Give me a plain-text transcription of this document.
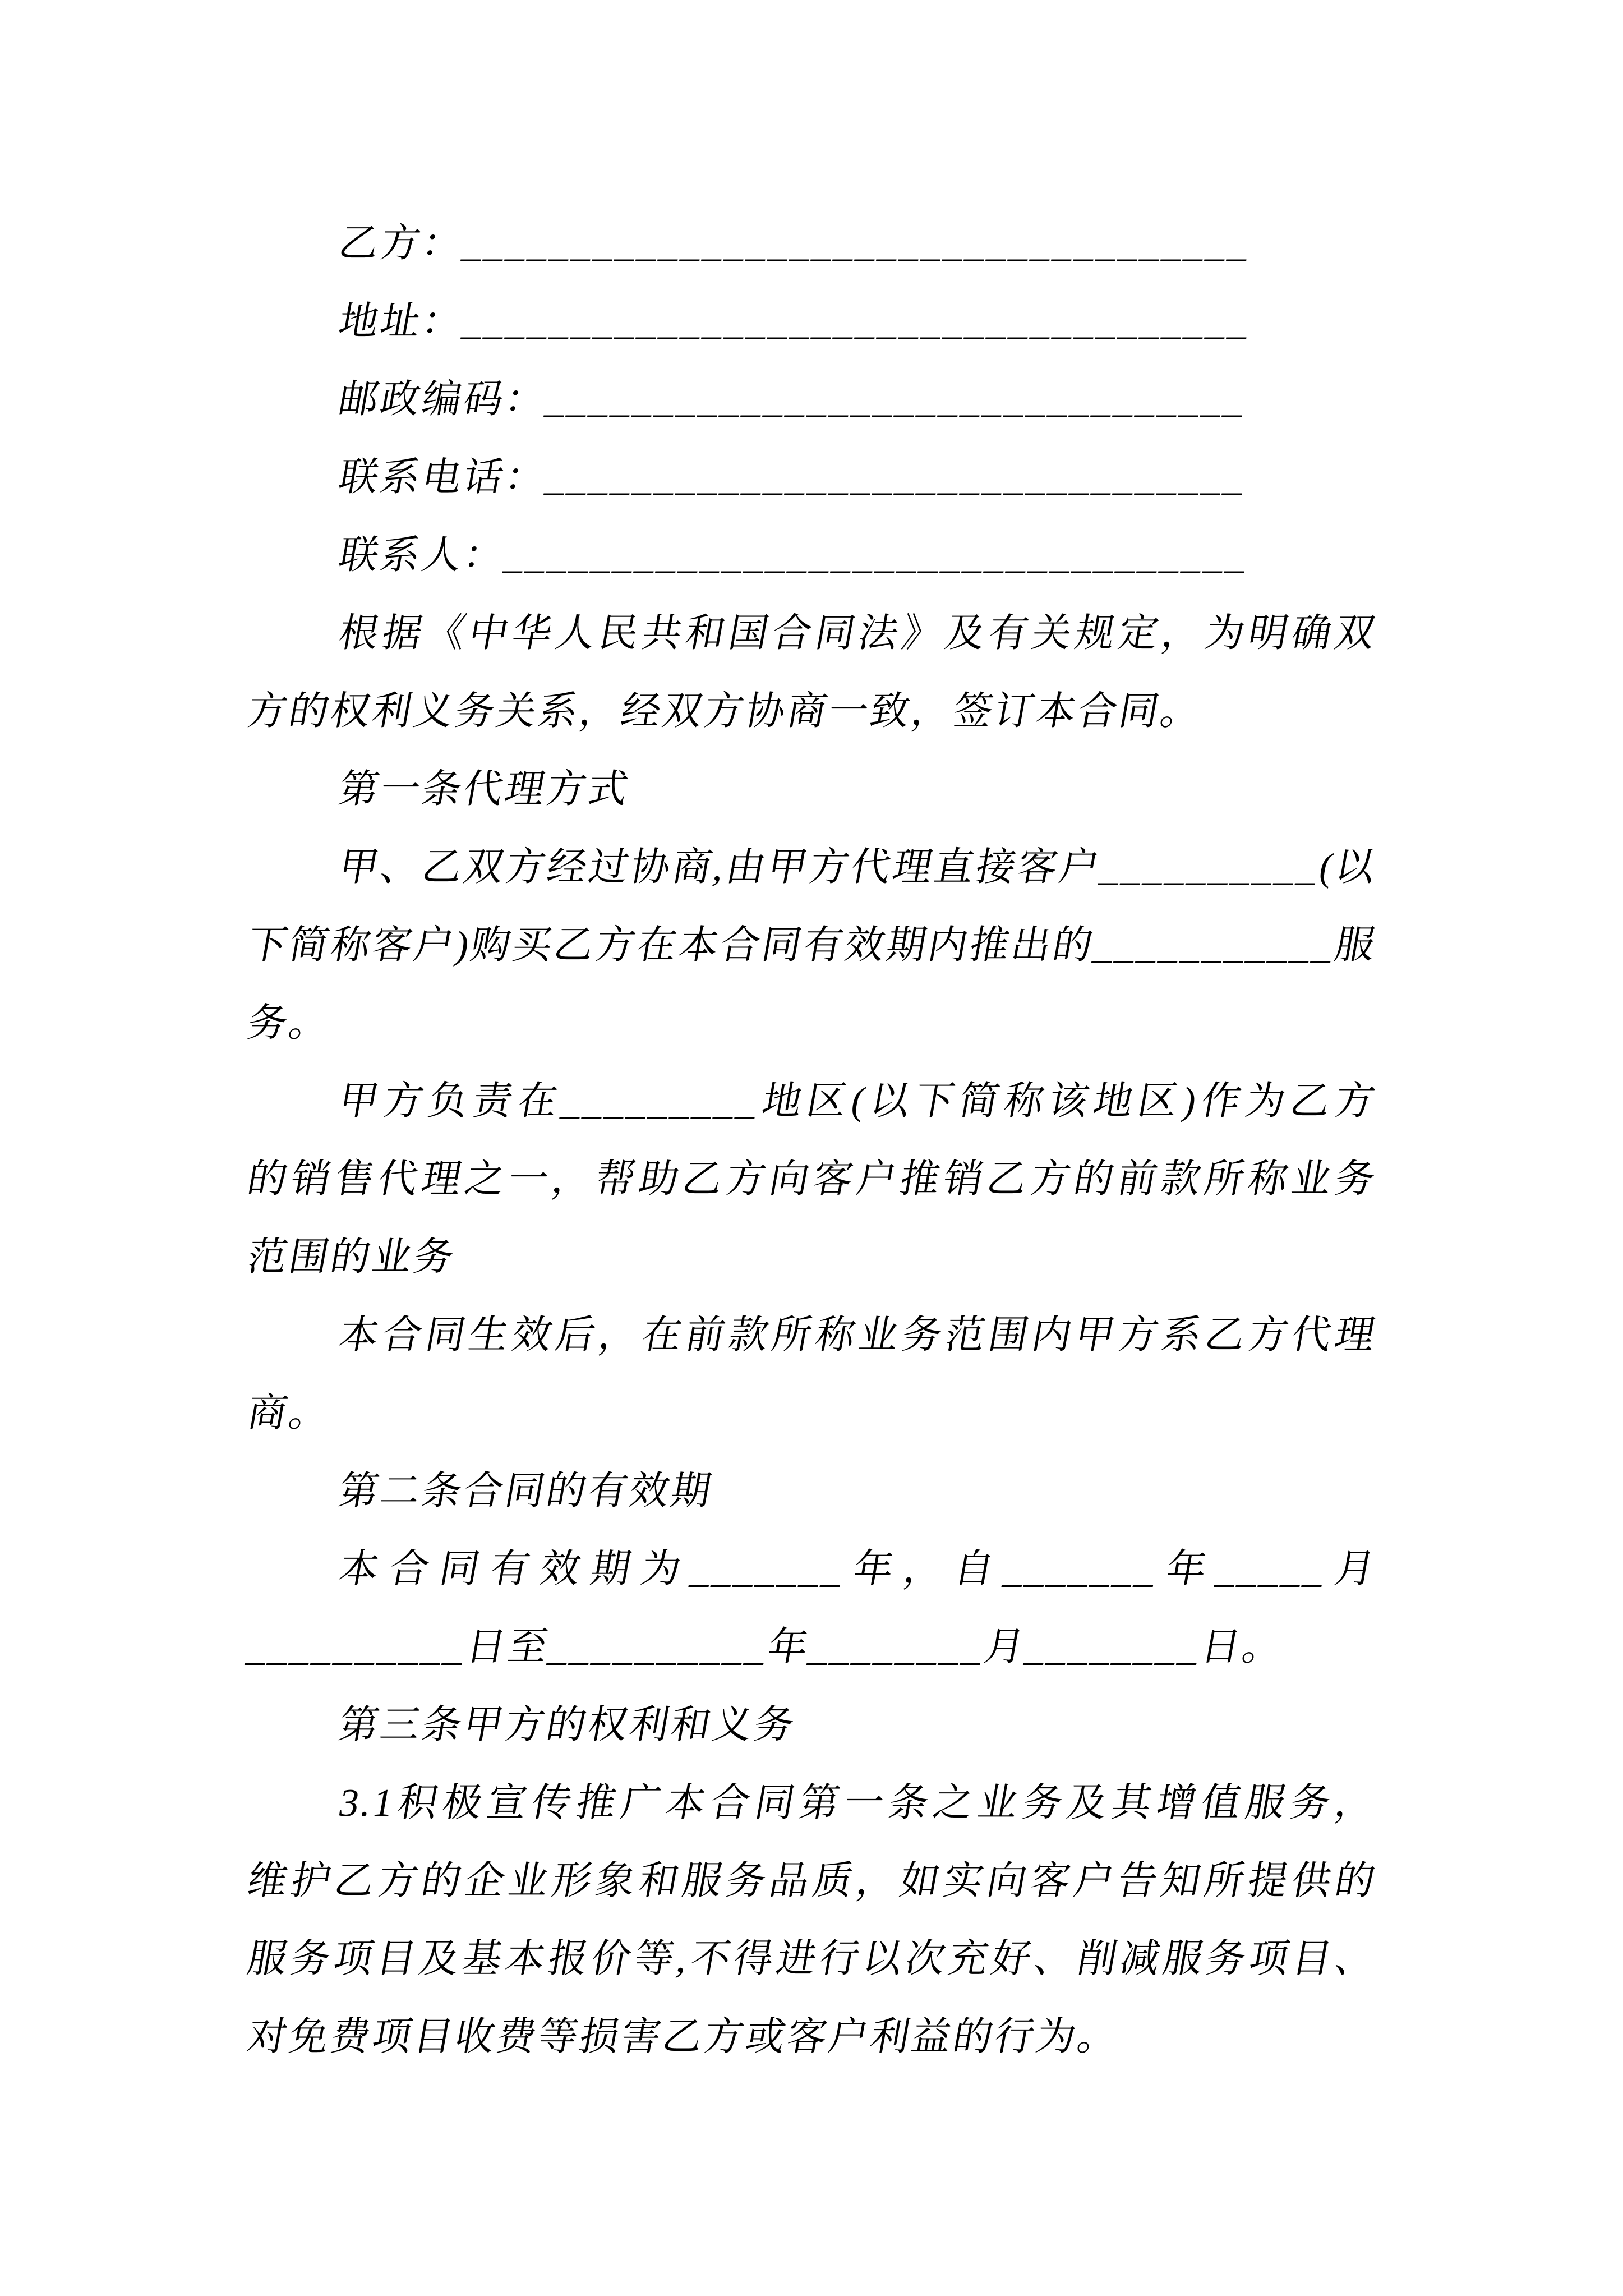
乙方：____________________________________

地址：____________________________________

邮政编码：________________________________

联系电话：________________________________

联系人：__________________________________

根据《中华人民共和国合同法》及有关规定，为明确双

方的权利义务关系，经双方协商一致，签订本合同。

第一条代理方式

甲、乙双方经过协商,由甲方代理直接客户__________(以

下简称客户)购买乙方在本合同有效期内推出的___________服

务。

甲方负责在_________地区(以下简称该地区)作为乙方

的销售代理之一，帮助乙方向客户推销乙方的前款所称业务

范围的业务

本合同生效后，在前款所称业务范围内甲方系乙方代理

商。

第二条合同的有效期

本合同有效期为_______年，自_______年_____月

__________日至__________年________月________日。

第三条甲方的权利和义务

3.1积极宣传推广本合同第一条之业务及其增值服务，

维护乙方的企业形象和服务品质，如实向客户告知所提供的

服务项目及基本报价等,不得进行以次充好、削减服务项目、

对免费项目收费等损害乙方或客户利益的行为。
